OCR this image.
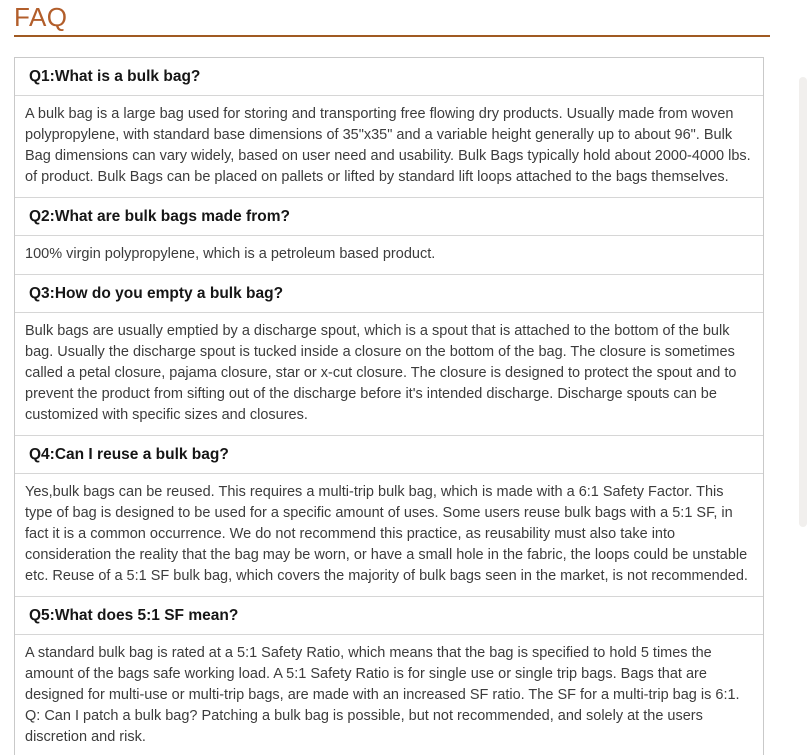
FAQ
Q1:What is a bulk bag?
A bulk bag is a large bag used for storing and transporting free flowing dry products. Usually made from woven polypropylene, with standard base dimensions of 35"x35" and a variable height generally up to about 96". Bulk Bag dimensions can vary widely, based on user need and usability. Bulk Bags typically hold about 2000-4000 lbs. of product. Bulk Bags can be placed on pallets or lifted by standard lift loops attached to the bags themselves.
Q2:What are bulk bags made from?
100% virgin polypropylene, which is a petroleum based product.
Q3:How do you empty a bulk bag?
Bulk bags are usually emptied by a discharge spout, which is a spout that is attached to the bottom of the bulk bag. Usually the discharge spout is tucked inside a closure on the bottom of the bag. The closure is sometimes called a petal closure, pajama closure, star or x-cut closure. The closure is designed to protect the spout and to prevent the product from sifting out of the discharge before it's intended discharge. Discharge spouts can be customized with specific sizes and closures.
Q4:Can I reuse a bulk bag?
Yes,bulk bags can be reused. This requires a multi-trip bulk bag, which is made with a 6:1 Safety Factor. This type of bag is designed to be used for a specific amount of uses. Some users reuse bulk bags with a 5:1 SF, in fact it is a common occurrence. We do not recommend this practice, as reusability must also take into consideration the reality that the bag may be worn, or have a small hole in the fabric, the loops could be unstable etc. Reuse of a 5:1 SF bulk bag, which covers the majority of bulk bags seen in the market, is not recommended.
Q5:What does 5:1 SF mean?
A standard bulk bag is rated at a 5:1 Safety Ratio, which means that the bag is specified to hold 5 times the amount of the bags safe working load. A 5:1 Safety Ratio is for single use or single trip bags. Bags that are designed for multi-use or multi-trip bags, are made with an increased SF ratio. The SF for a multi-trip bag is 6:1. Q: Can I patch a bulk bag? Patching a bulk bag is possible, but not recommended, and solely at the users discretion and risk.
